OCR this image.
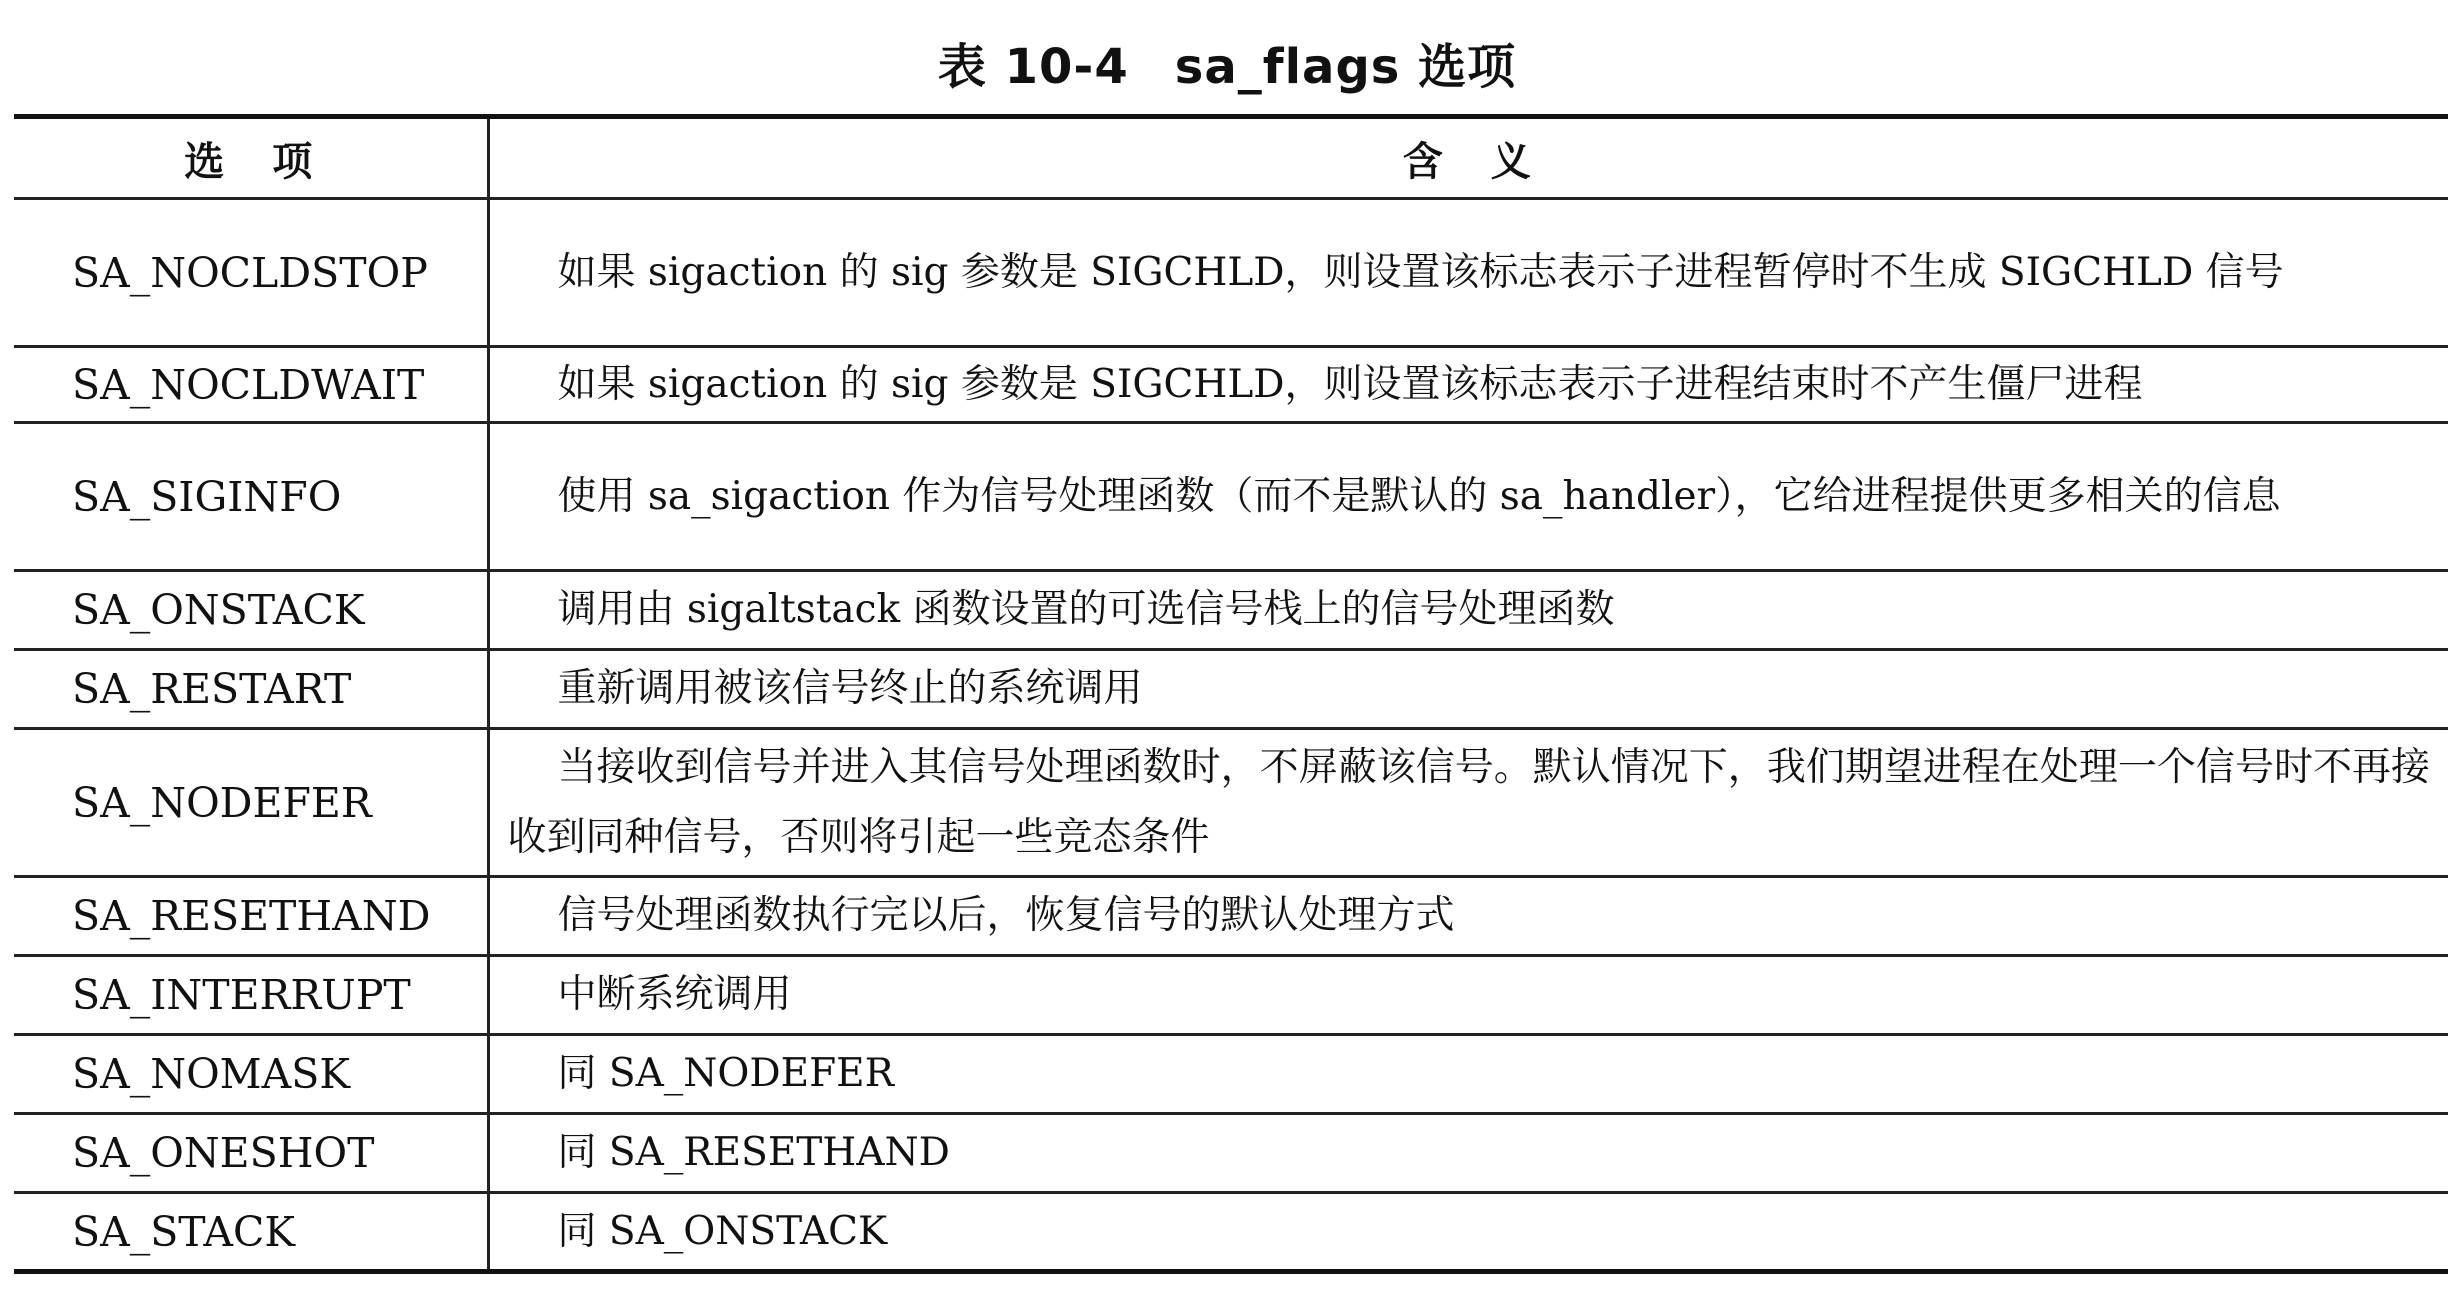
表 10-4 sa_flags 选项
选　项	含　义
SA_NOCLDSTOP	如果 sigaction 的 sig 参数是 SIGCHLD，则设置该标志表示子进程暂停时不生成 SIGCHLD 信号
SA_NOCLDWAIT	如果 sigaction 的 sig 参数是 SIGCHLD，则设置该标志表示子进程结束时不产生僵尸进程
SA_SIGINFO	使用 sa_sigaction 作为信号处理函数（而不是默认的 sa_handler），它给进程提供更多相关的信息
SA_ONSTACK	调用由 sigaltstack 函数设置的可选信号栈上的信号处理函数
SA_RESTART	重新调用被该信号终止的系统调用
SA_NODEFER	当接收到信号并进入其信号处理函数时，不屏蔽该信号。默认情况下，我们期望进程在处理一个信号时不再接收到同种信号，否则将引起一些竞态条件
SA_RESETHAND	信号处理函数执行完以后，恢复信号的默认处理方式
SA_INTERRUPT	中断系统调用
SA_NOMASK	同 SA_NODEFER
SA_ONESHOT	同 SA_RESETHAND
SA_STACK	同 SA_ONSTACK
